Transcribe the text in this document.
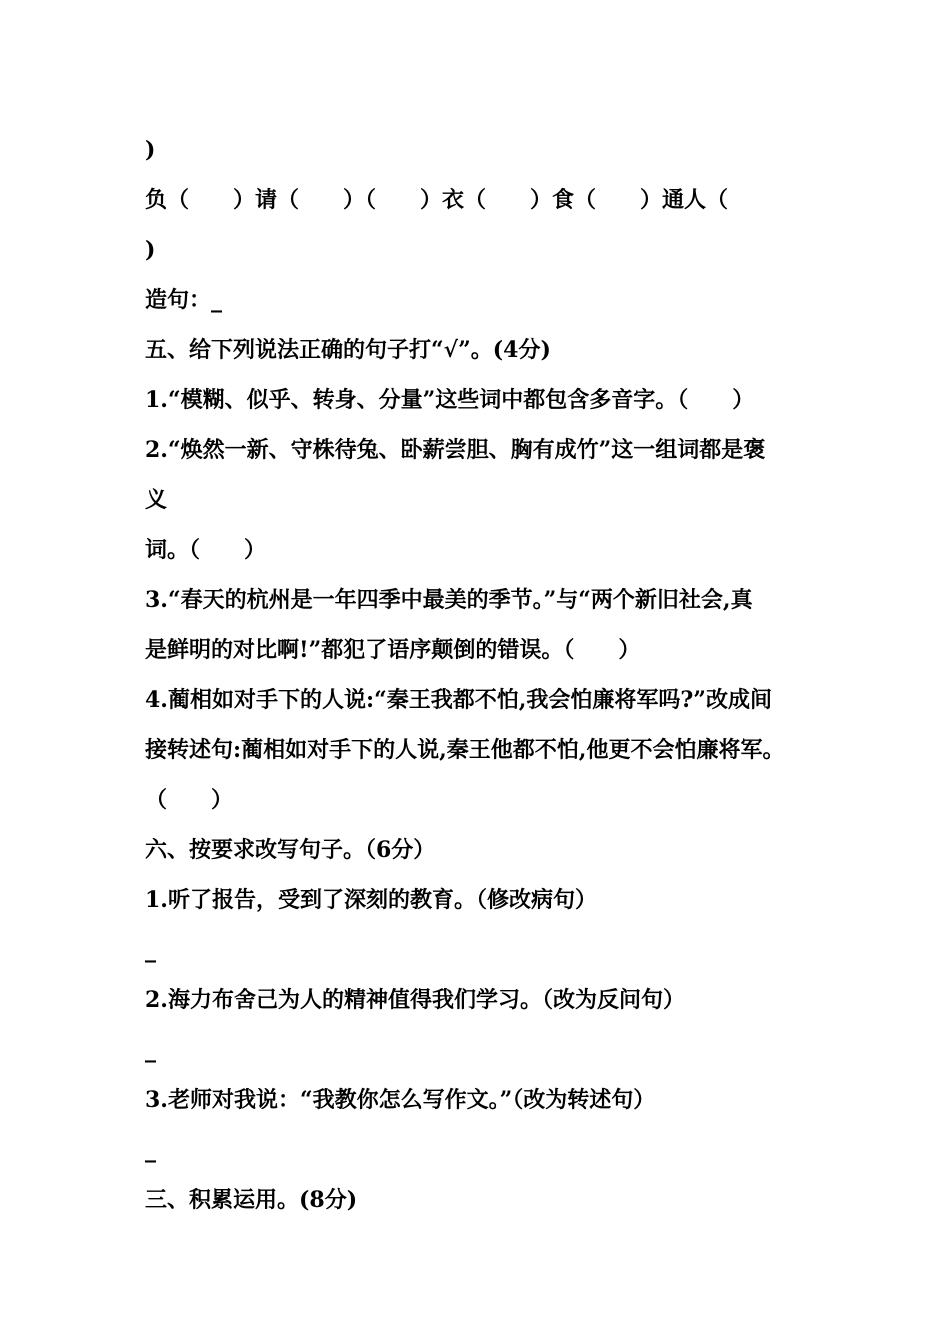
)
负（　　）请（　　）（　　）衣（　　）食（　　）通人（
)
造句：_
五、给下列说法正确的句子打“√”。(4分)
1.“模糊、似乎、转身、分量”这些词中都包含多音字。（　　）
2.“焕然一新、守株待兔、卧薪尝胆、胸有成竹”这一组词都是褒
义
词。（　　）
3.“春天的杭州是一年四季中最美的季节。”与“两个新旧社会,真
是鲜明的对比啊!”都犯了语序颠倒的错误。（　　）
4.蔺相如对手下的人说:“秦王我都不怕,我会怕廉将军吗?”改成间
接转述句:蔺相如对手下的人说,秦王他都不怕,他更不会怕廉将军。
（　　）
六、按要求改写句子。（6分）
1.听了报告，受到了深刻的教育。（修改病句）
_
2.海力布舍己为人的精神值得我们学习。（改为反问句）
_
3.老师对我说：“我教你怎么写作文。”（改为转述句）
_
三、积累运用。(8分)
